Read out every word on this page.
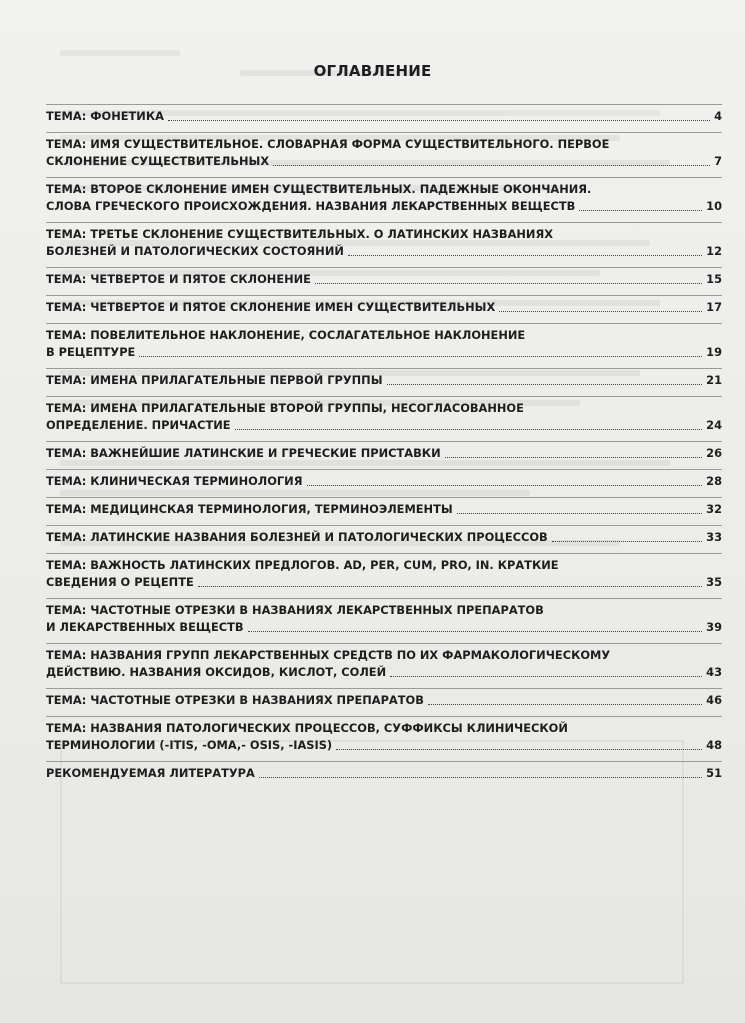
ОГЛАВЛЕНИЕ
ТЕМА: ФОНЕТИКА	4
ТЕМА: ИМЯ СУЩЕСТВИТЕЛЬНОЕ. СЛОВАРНАЯ ФОРМА СУЩЕСТВИТЕЛЬНОГО. ПЕРВОЕ
СКЛОНЕНИЕ СУЩЕСТВИТЕЛЬНЫХ	7
ТЕМА: ВТОРОЕ СКЛОНЕНИЕ ИМЕН СУЩЕСТВИТЕЛЬНЫХ. ПАДЕЖНЫЕ ОКОНЧАНИЯ.
СЛОВА ГРЕЧЕСКОГО ПРОИСХОЖДЕНИЯ. НАЗВАНИЯ ЛЕКАРСТВЕННЫХ ВЕЩЕСТВ	10
ТЕМА: ТРЕТЬЕ СКЛОНЕНИЕ СУЩЕСТВИТЕЛЬНЫХ. О ЛАТИНСКИХ НАЗВАНИЯХ
БОЛЕЗНЕЙ И ПАТОЛОГИЧЕСКИХ СОСТОЯНИЙ	12
ТЕМА: ЧЕТВЕРТОЕ И ПЯТОЕ СКЛОНЕНИЕ	15
ТЕМА: ЧЕТВЕРТОЕ И ПЯТОЕ СКЛОНЕНИЕ ИМЕН СУЩЕСТВИТЕЛЬНЫХ	17
ТЕМА: ПОВЕЛИТЕЛЬНОЕ НАКЛОНЕНИЕ, СОСЛАГАТЕЛЬНОЕ НАКЛОНЕНИЕ
В РЕЦЕПТУРЕ	19
ТЕМА: ИМЕНА ПРИЛАГАТЕЛЬНЫЕ ПЕРВОЙ ГРУППЫ	21
ТЕМА: ИМЕНА ПРИЛАГАТЕЛЬНЫЕ ВТОРОЙ ГРУППЫ, НЕСОГЛАСОВАННОЕ
ОПРЕДЕЛЕНИЕ. ПРИЧАСТИЕ	24
ТЕМА: ВАЖНЕЙШИЕ ЛАТИНСКИЕ И ГРЕЧЕСКИЕ ПРИСТАВКИ	26
ТЕМА: КЛИНИЧЕСКАЯ ТЕРМИНОЛОГИЯ	28
ТЕМА: МЕДИЦИНСКАЯ ТЕРМИНОЛОГИЯ, ТЕРМИНОЭЛЕМЕНТЫ	32
ТЕМА: ЛАТИНСКИЕ НАЗВАНИЯ БОЛЕЗНЕЙ И ПАТОЛОГИЧЕСКИХ ПРОЦЕССОВ	33
ТЕМА: ВАЖНОСТЬ ЛАТИНСКИХ ПРЕДЛОГОВ. AD, PER, CUM, PRO, IN. КРАТКИЕ
СВЕДЕНИЯ О РЕЦЕПТЕ	35
ТЕМА: ЧАСТОТНЫЕ ОТРЕЗКИ В НАЗВАНИЯХ ЛЕКАРСТВЕННЫХ ПРЕПАРАТОВ
И ЛЕКАРСТВЕННЫХ ВЕЩЕСТВ	39
ТЕМА: НАЗВАНИЯ ГРУПП ЛЕКАРСТВЕННЫХ СРЕДСТВ ПО ИХ ФАРМАКОЛОГИЧЕСКОМУ
ДЕЙСТВИЮ. НАЗВАНИЯ ОКСИДОВ, КИСЛОТ, СОЛЕЙ	43
ТЕМА: ЧАСТОТНЫЕ ОТРЕЗКИ В НАЗВАНИЯХ ПРЕПАРАТОВ	46
ТЕМА: НАЗВАНИЯ ПАТОЛОГИЧЕСКИХ ПРОЦЕССОВ, СУФФИКСЫ КЛИНИЧЕСКОЙ
ТЕРМИНОЛОГИИ (-ITIS, -OMA,- OSIS, -IASIS)	48
РЕКОМЕНДУЕМАЯ ЛИТЕРАТУРА	51
